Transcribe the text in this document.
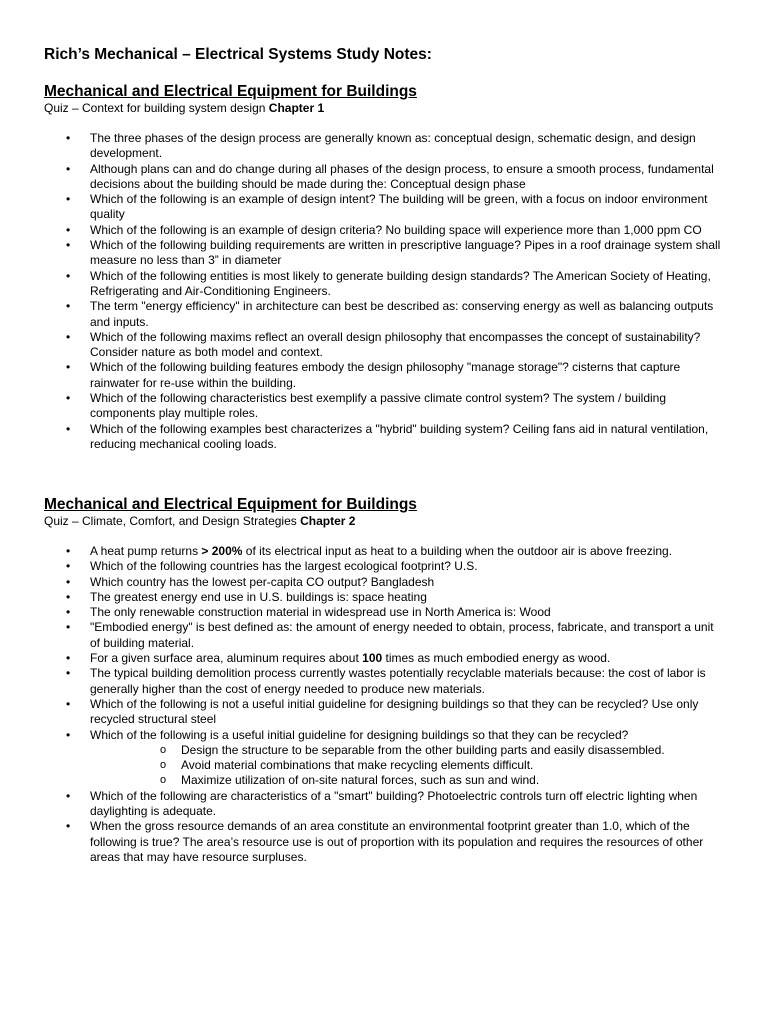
Rich’s Mechanical – Electrical Systems Study Notes:
Mechanical and Electrical Equipment for Buildings

Quiz – Context for building system design Chapter 1

• The three phases of the design process are generally known as: conceptual design, schematic design, and design development.
• Although plans can and do change during all phases of the design process, to ensure a smooth process, fundamental decisions about the building should be made during the: Conceptual design phase
• Which of the following is an example of design intent? The building will be green, with a focus on indoor environment quality
• Which of the following is an example of design criteria? No building space will experience more than 1,000 ppm CO
• Which of the following building requirements are written in prescriptive language? Pipes in a roof drainage system shall measure no less than 3” in diameter
• Which of the following entities is most likely to generate building design standards? The American Society of Heating, Refrigerating and Air-Conditioning Engineers.
• The term "energy efficiency" in architecture can best be described as: conserving energy as well as balancing outputs and inputs.
• Which of the following maxims reflect an overall design philosophy that encompasses the concept of sustainability? Consider nature as both model and context.
• Which of the following building features embody the design philosophy "manage storage"? cisterns that capture rainwater for re-use within the building.
• Which of the following characteristics best exemplify a passive climate control system? The system / building components play multiple roles.
• Which of the following examples best characterizes a "hybrid" building system? Ceiling fans aid in natural ventilation, reducing mechanical cooling loads.
Mechanical and Electrical Equipment for Buildings

Quiz – Climate, Comfort, and Design Strategies Chapter 2

• A heat pump returns > 200% of its electrical input as heat to a building when the outdoor air is above freezing.
• Which of the following countries has the largest ecological footprint? U.S.
• Which country has the lowest per-capita CO output? Bangladesh
• The greatest energy end use in U.S. buildings is: space heating
• The only renewable construction material in widespread use in North America is: Wood
• "Embodied energy" is best defined as: the amount of energy needed to obtain, process, fabricate, and transport a unit of building material.
• For a given surface area, aluminum requires about 100 times as much embodied energy as wood.
• The typical building demolition process currently wastes potentially recyclable materials because: the cost of labor is generally higher than the cost of energy needed to produce new materials.
• Which of the following is not a useful initial guideline for designing buildings so that they can be recycled? Use only recycled structural steel
• Which of the following is a useful initial guideline for designing buildings so that they can be recycled?
o Design the structure to be separable from the other building parts and easily disassembled.
o Avoid material combinations that make recycling elements difficult.
o Maximize utilization of on-site natural forces, such as sun and wind.
• Which of the following are characteristics of a "smart" building? Photoelectric controls turn off electric lighting when daylighting is adequate.
• When the gross resource demands of an area constitute an environmental footprint greater than 1.0, which of the following is true? The area’s resource use is out of proportion with its population and requires the resources of other areas that may have resource surpluses.
